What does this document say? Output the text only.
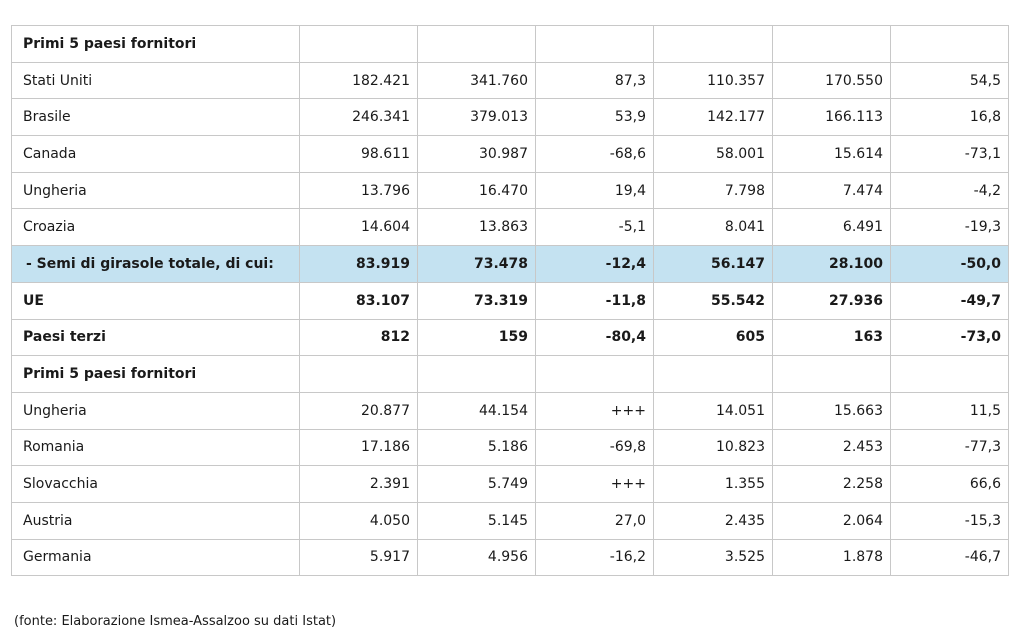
Primi 5 paesi fornitori						
Stati Uniti	182.421	341.760	87,3	110.357	170.550	54,5
Brasile	246.341	379.013	53,9	142.177	166.113	16,8
Canada	98.611	30.987	-68,6	58.001	15.614	-73,1
Ungheria	13.796	16.470	19,4	7.798	7.474	-4,2
Croazia	14.604	13.863	-5,1	8.041	6.491	-19,3
- Semi di girasole totale, di cui:	83.919	73.478	-12,4	56.147	28.100	-50,0
UE	83.107	73.319	-11,8	55.542	27.936	-49,7
Paesi terzi	812	159	-80,4	605	163	-73,0
Primi 5 paesi fornitori						
Ungheria	20.877	44.154	+++	14.051	15.663	11,5
Romania	17.186	5.186	-69,8	10.823	2.453	-77,3
Slovacchia	2.391	5.749	+++	1.355	2.258	66,6
Austria	4.050	5.145	27,0	2.435	2.064	-15,3
Germania	5.917	4.956	-16,2	3.525	1.878	-46,7
(fonte: Elaborazione Ismea-Assalzoo su dati Istat)
